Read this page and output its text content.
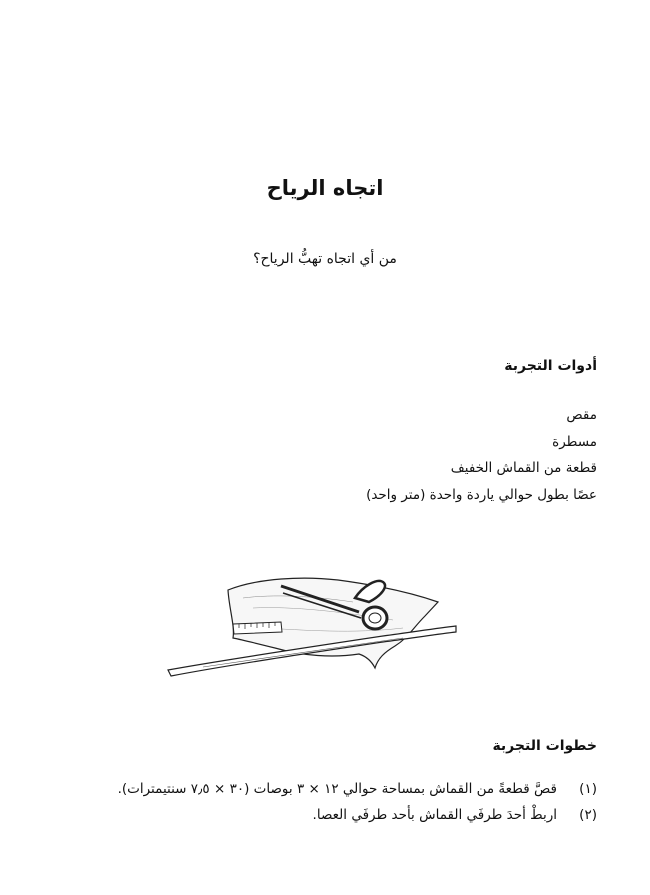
اتجاه الرياح
من أي اتجاه تهبُّ الرياح؟
أدوات التجربة
مقص
مسطرة
قطعة من القماش الخفيف
عصًا بطول حوالي ياردة واحدة (متر واحد)
خطوات التجربة
(١)
قصَّ قطعةً من القماش بمساحة حوالي ١٢ × ٣ بوصات (٣٠ × ٧٫٥ سنتيمترات).
(٢)
اربطْ أحدَ طرفَي القماش بأحد طرفَي العصا.
